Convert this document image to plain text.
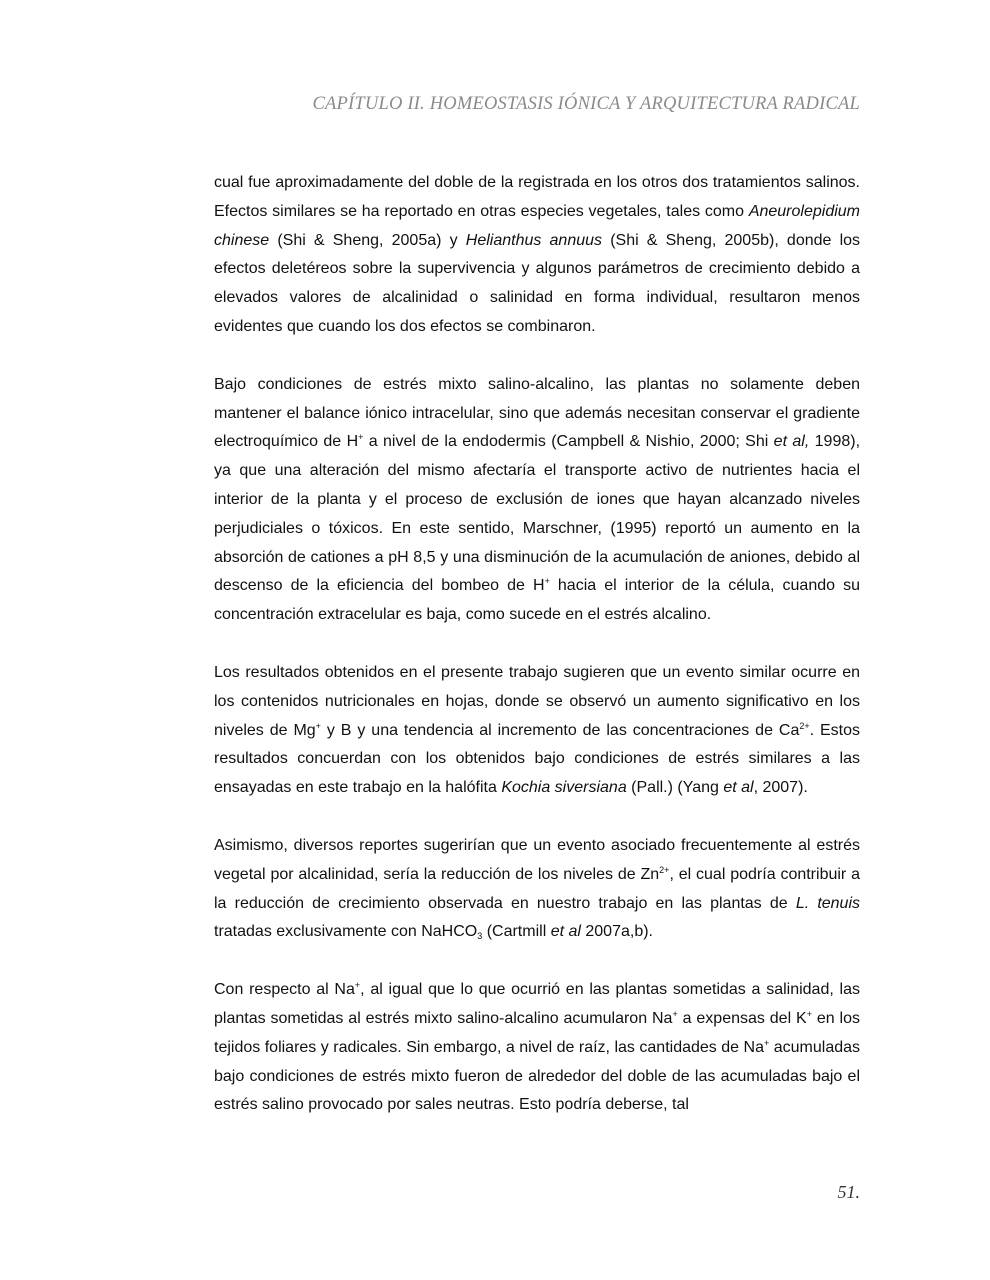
CAPÍTULO II. HOMEOSTASIS IÓNICA Y ARQUITECTURA RADICAL

cual fue aproximadamente del doble de la registrada en los otros dos tratamientos salinos. Efectos similares se ha reportado en otras especies vegetales, tales como Aneurolepidium chinese (Shi & Sheng, 2005a) y Helianthus annuus (Shi & Sheng, 2005b), donde los efectos deletéreos sobre la supervivencia y algunos parámetros de crecimiento debido a elevados valores de alcalinidad o salinidad en forma individual, resultaron menos evidentes que cuando los dos efectos se combinaron.

Bajo condiciones de estrés mixto salino-alcalino, las plantas no solamente deben mantener el balance iónico intracelular, sino que además necesitan conservar el gradiente electroquímico de H+ a nivel de la endodermis (Campbell & Nishio, 2000; Shi et al, 1998), ya que una alteración del mismo afectaría el transporte activo de nutrientes hacia el interior de la planta y el proceso de exclusión de iones que hayan alcanzado niveles perjudiciales o tóxicos. En este sentido, Marschner, (1995) reportó un aumento en la absorción de cationes a pH 8,5 y una disminución de la acumulación de aniones, debido al descenso de la eficiencia del bombeo de H+ hacia el interior de la célula, cuando su concentración extracelular es baja, como sucede en el estrés alcalino.

Los resultados obtenidos en el presente trabajo sugieren que un evento similar ocurre en los contenidos nutricionales en hojas, donde se observó un aumento significativo en los niveles de Mg+ y B y una tendencia al incremento de las concentraciones de $Ca^{2+}$. Estos resultados concuerdan con los obtenidos bajo condiciones de estrés similares a las ensayadas en este trabajo en la halófita Kochia siversiana (Pall.) (Yang et al, 2007).

Asimismo, diversos reportes sugerirían que un evento asociado frecuentemente al estrés vegetal por alcalinidad, sería la reducción de los niveles de $Zn^{2+}$, el cual podría contribuir a la reducción de crecimiento observada en nuestro trabajo en las plantas de L. tenuis tratadas exclusivamente con NaHCO$_3$ (Cartmill et al 2007a,b).

Con respecto al Na+, al igual que lo que ocurrió en las plantas sometidas a salinidad, las plantas sometidas al estrés mixto salino-alcalino acumularon Na+ a expensas del K+ en los tejidos foliares y radicales. Sin embargo, a nivel de raíz, las cantidades de Na+ acumuladas bajo condiciones de estrés mixto fueron de alrededor del doble de las acumuladas bajo el estrés salino provocado por sales neutras. Esto podría deberse, tal

51.
